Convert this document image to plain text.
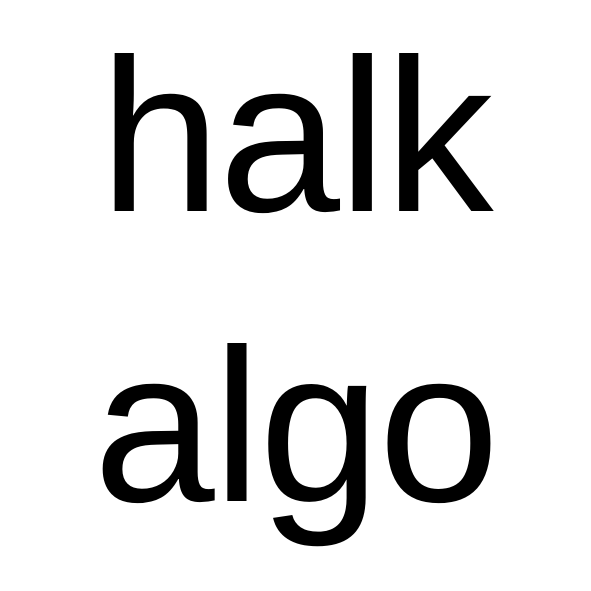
halk
algo
